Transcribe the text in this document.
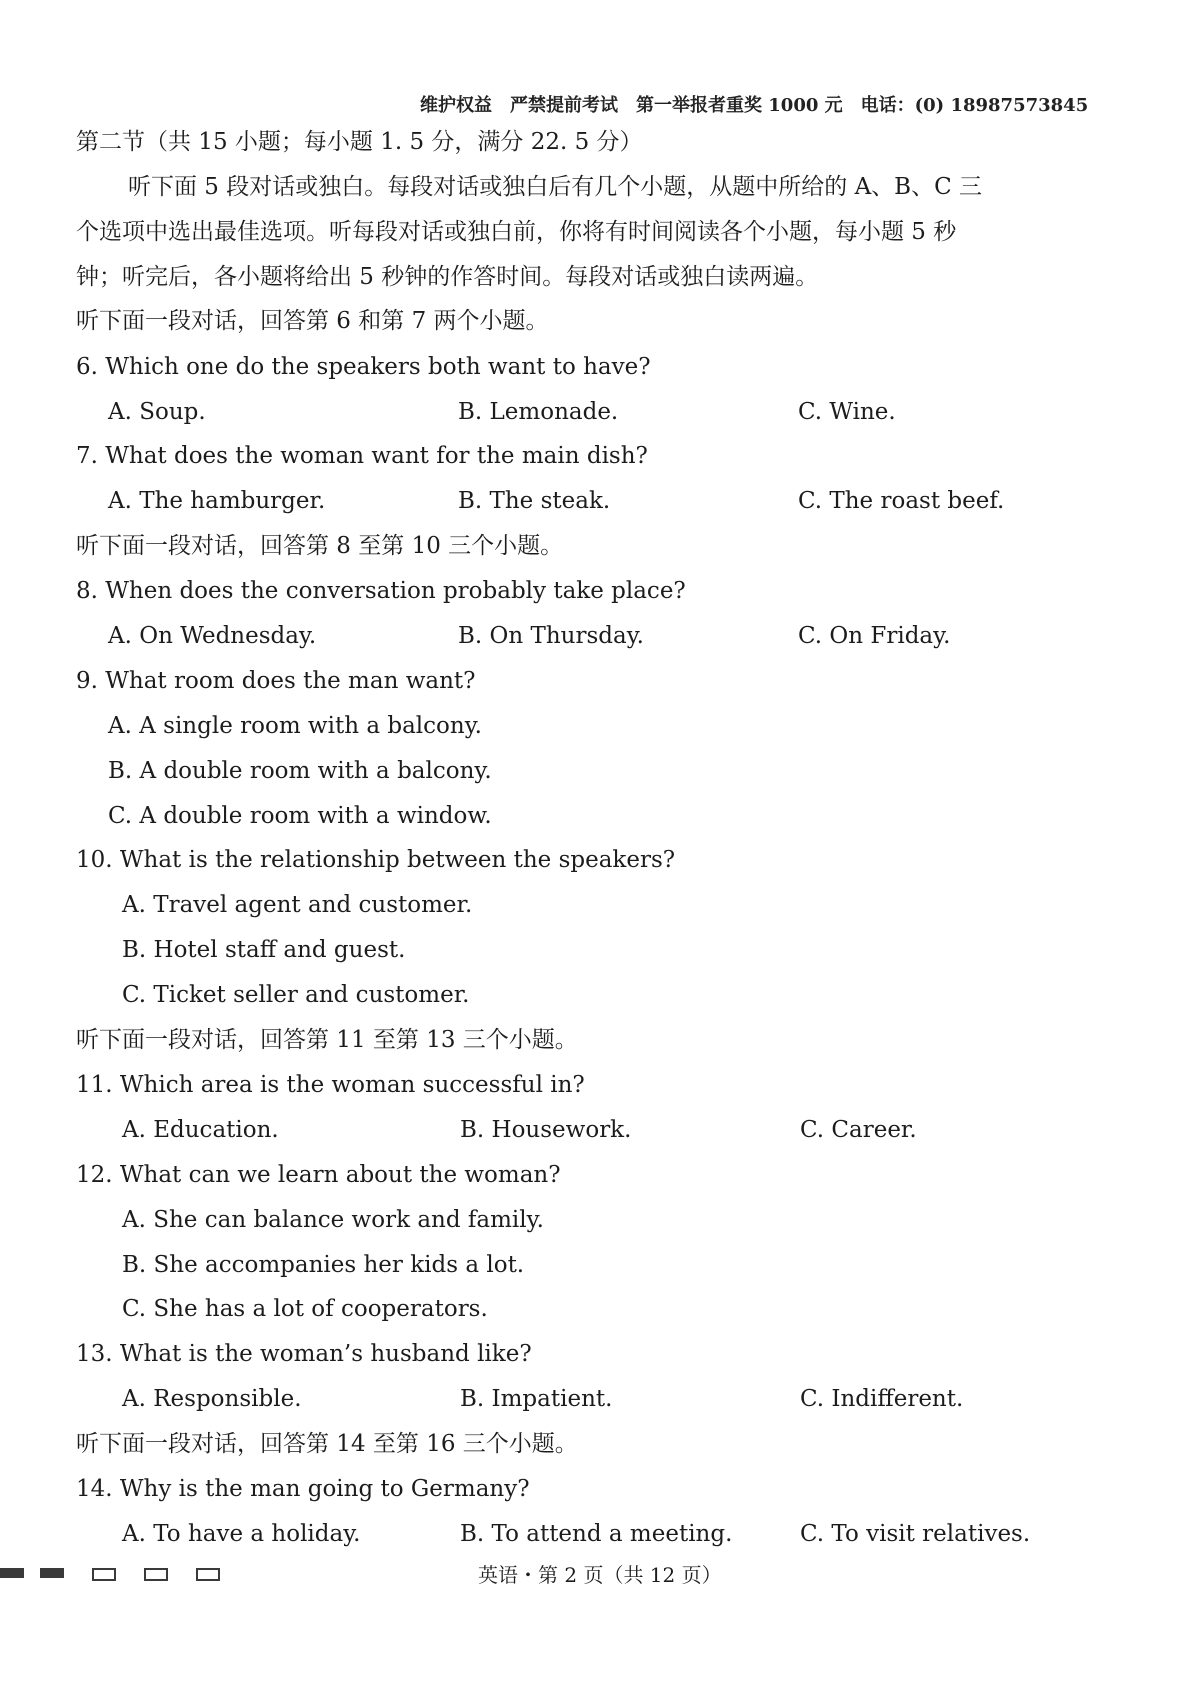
维护权益　严禁提前考试　第一举报者重奖 1000 元　电话：(0) 18987573845
第二节（共 15 小题；每小题 1. 5 分，满分 22. 5 分）
听下面 5 段对话或独白。每段对话或独白后有几个小题，从题中所给的 A、B、C 三
个选项中选出最佳选项。听每段对话或独白前，你将有时间阅读各个小题，每小题 5 秒
钟；听完后，各小题将给出 5 秒钟的作答时间。每段对话或独白读两遍。
听下面一段对话，回答第 6 和第 7 两个小题。
6. Which one do the speakers both want to have?
A. Soup.	B. Lemonade.	C. Wine.
7. What does the woman want for the main dish?
A. The hamburger.	B. The steak.	C. The roast beef.
听下面一段对话，回答第 8 至第 10 三个小题。
8. When does the conversation probably take place?
A. On Wednesday.	B. On Thursday.	C. On Friday.
9. What room does the man want?
A. A single room with a balcony.
B. A double room with a balcony.
C. A double room with a window.
10. What is the relationship between the speakers?
A. Travel agent and customer.
B. Hotel staff and guest.
C. Ticket seller and customer.
听下面一段对话，回答第 11 至第 13 三个小题。
11. Which area is the woman successful in?
A. Education.	B. Housework.	C. Career.
12. What can we learn about the woman?
A. She can balance work and family.
B. She accompanies her kids a lot.
C. She has a lot of cooperators.
13. What is the woman’s husband like?
A. Responsible.	B. Impatient.	C. Indifferent.
听下面一段对话，回答第 14 至第 16 三个小题。
14. Why is the man going to Germany?
A. To have a holiday.	B. To attend a meeting.	C. To visit relatives.
英语・第 2 页（共 12 页）
